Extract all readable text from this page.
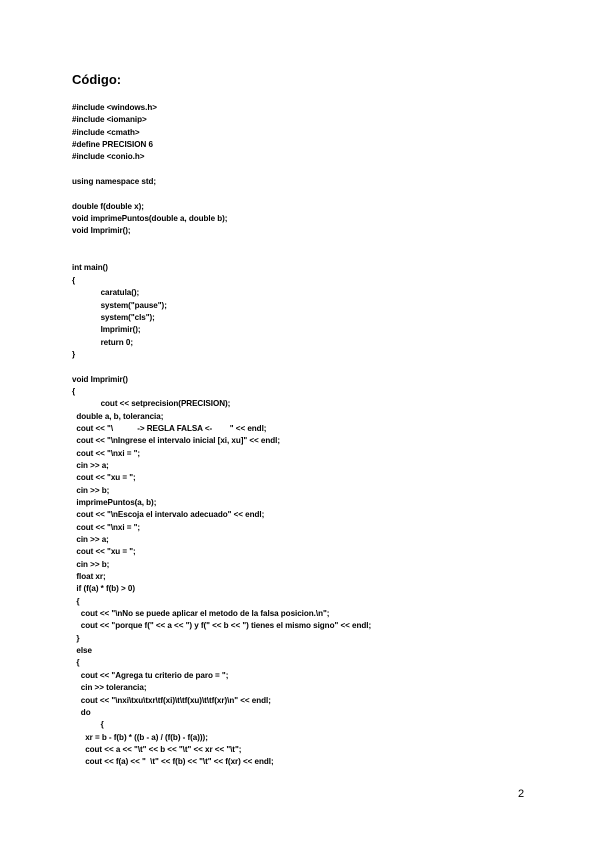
Código:
#include <windows.h>
#include <iomanip>
#include <cmath>
#define PRECISION 6
#include <conio.h>
using namespace std;
double f(double x);
void imprimePuntos(double a, double b);
void Imprimir();
int main()
{
caratula();
system("pause");
system("cls");
Imprimir();
return 0;
}
void Imprimir()
{
cout << setprecision(PRECISION);
double a, b, tolerancia;
cout << "\           -> REGLA FALSA <-        " << endl;
cout << "\nIngrese el intervalo inicial [xi, xu]" << endl;
cout << "\nxi = ";
cin >> a;
cout << "xu = ";
cin >> b;
imprimePuntos(a, b);
cout << "\nEscoja el intervalo adecuado" << endl;
cout << "\nxi = ";
cin >> a;
cout << "xu = ";
cin >> b;
float xr;
if (f(a) * f(b) > 0)
{
cout << "\nNo se puede aplicar el metodo de la falsa posicion.\n";
cout << "porque f(" << a << ") y f(" << b << ") tienes el mismo signo" << endl;
}
else
{
cout << "Agrega tu criterio de paro = ";
cin >> tolerancia;
cout << "\nxi\txu\txr\tf(xi)\t\tf(xu)\t\tf(xr)\n" << endl;
do
{
xr = b - f(b) * ((b - a) / (f(b) - f(a)));
cout << a << "\t" << b << "\t" << xr << "\t";
cout << f(a) << "  \t" << f(b) << "\t" << f(xr) << endl;
2
